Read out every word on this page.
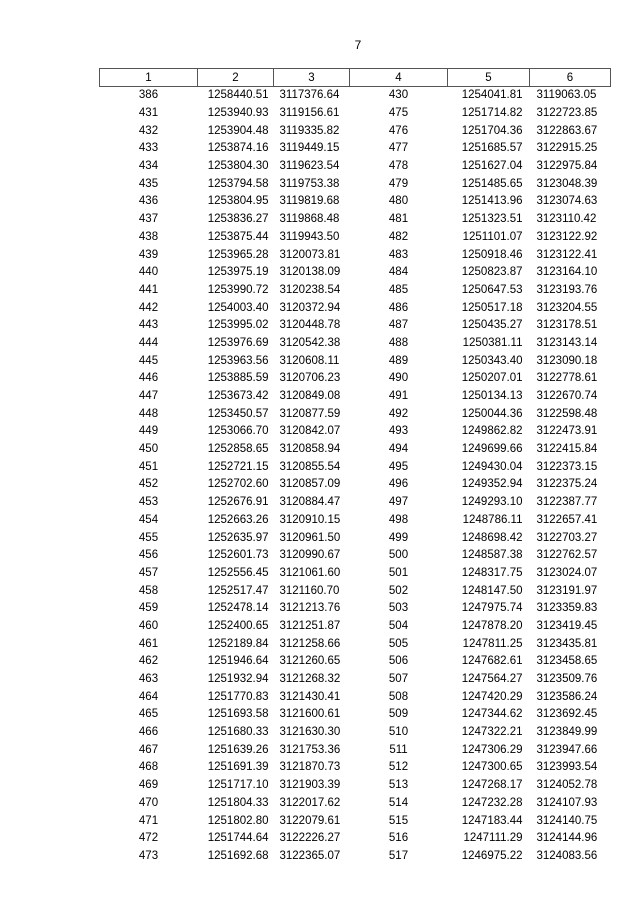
7
1	2	3	4	5	6
386	1258440.51	3117376.64	430	1254041.81	3119063.05
431	1253940.93	3119156.61	475	1251714.82	3122723.85
432	1253904.48	3119335.82	476	1251704.36	3122863.67
433	1253874.16	3119449.15	477	1251685.57	3122915.25
434	1253804.30	3119623.54	478	1251627.04	3122975.84
435	1253794.58	3119753.38	479	1251485.65	3123048.39
436	1253804.95	3119819.68	480	1251413.96	3123074.63
437	1253836.27	3119868.48	481	1251323.51	3123110.42
438	1253875.44	3119943.50	482	1251101.07	3123122.92
439	1253965.28	3120073.81	483	1250918.46	3123122.41
440	1253975.19	3120138.09	484	1250823.87	3123164.10
441	1253990.72	3120238.54	485	1250647.53	3123193.76
442	1254003.40	3120372.94	486	1250517.18	3123204.55
443	1253995.02	3120448.78	487	1250435.27	3123178.51
444	1253976.69	3120542.38	488	1250381.11	3123143.14
445	1253963.56	3120608.11	489	1250343.40	3123090.18
446	1253885.59	3120706.23	490	1250207.01	3122778.61
447	1253673.42	3120849.08	491	1250134.13	3122670.74
448	1253450.57	3120877.59	492	1250044.36	3122598.48
449	1253066.70	3120842.07	493	1249862.82	3122473.91
450	1252858.65	3120858.94	494	1249699.66	3122415.84
451	1252721.15	3120855.54	495	1249430.04	3122373.15
452	1252702.60	3120857.09	496	1249352.94	3122375.24
453	1252676.91	3120884.47	497	1249293.10	3122387.77
454	1252663.26	3120910.15	498	1248786.11	3122657.41
455	1252635.97	3120961.50	499	1248698.42	3122703.27
456	1252601.73	3120990.67	500	1248587.38	3122762.57
457	1252556.45	3121061.60	501	1248317.75	3123024.07
458	1252517.47	3121160.70	502	1248147.50	3123191.97
459	1252478.14	3121213.76	503	1247975.74	3123359.83
460	1252400.65	3121251.87	504	1247878.20	3123419.45
461	1252189.84	3121258.66	505	1247811.25	3123435.81
462	1251946.64	3121260.65	506	1247682.61	3123458.65
463	1251932.94	3121268.32	507	1247564.27	3123509.76
464	1251770.83	3121430.41	508	1247420.29	3123586.24
465	1251693.58	3121600.61	509	1247344.62	3123692.45
466	1251680.33	3121630.30	510	1247322.21	3123849.99
467	1251639.26	3121753.36	511	1247306.29	3123947.66
468	1251691.39	3121870.73	512	1247300.65	3123993.54
469	1251717.10	3121903.39	513	1247268.17	3124052.78
470	1251804.33	3122017.62	514	1247232.28	3124107.93
471	1251802.80	3122079.61	515	1247183.44	3124140.75
472	1251744.64	3122226.27	516	1247111.29	3124144.96
473	1251692.68	3122365.07	517	1246975.22	3124083.56
